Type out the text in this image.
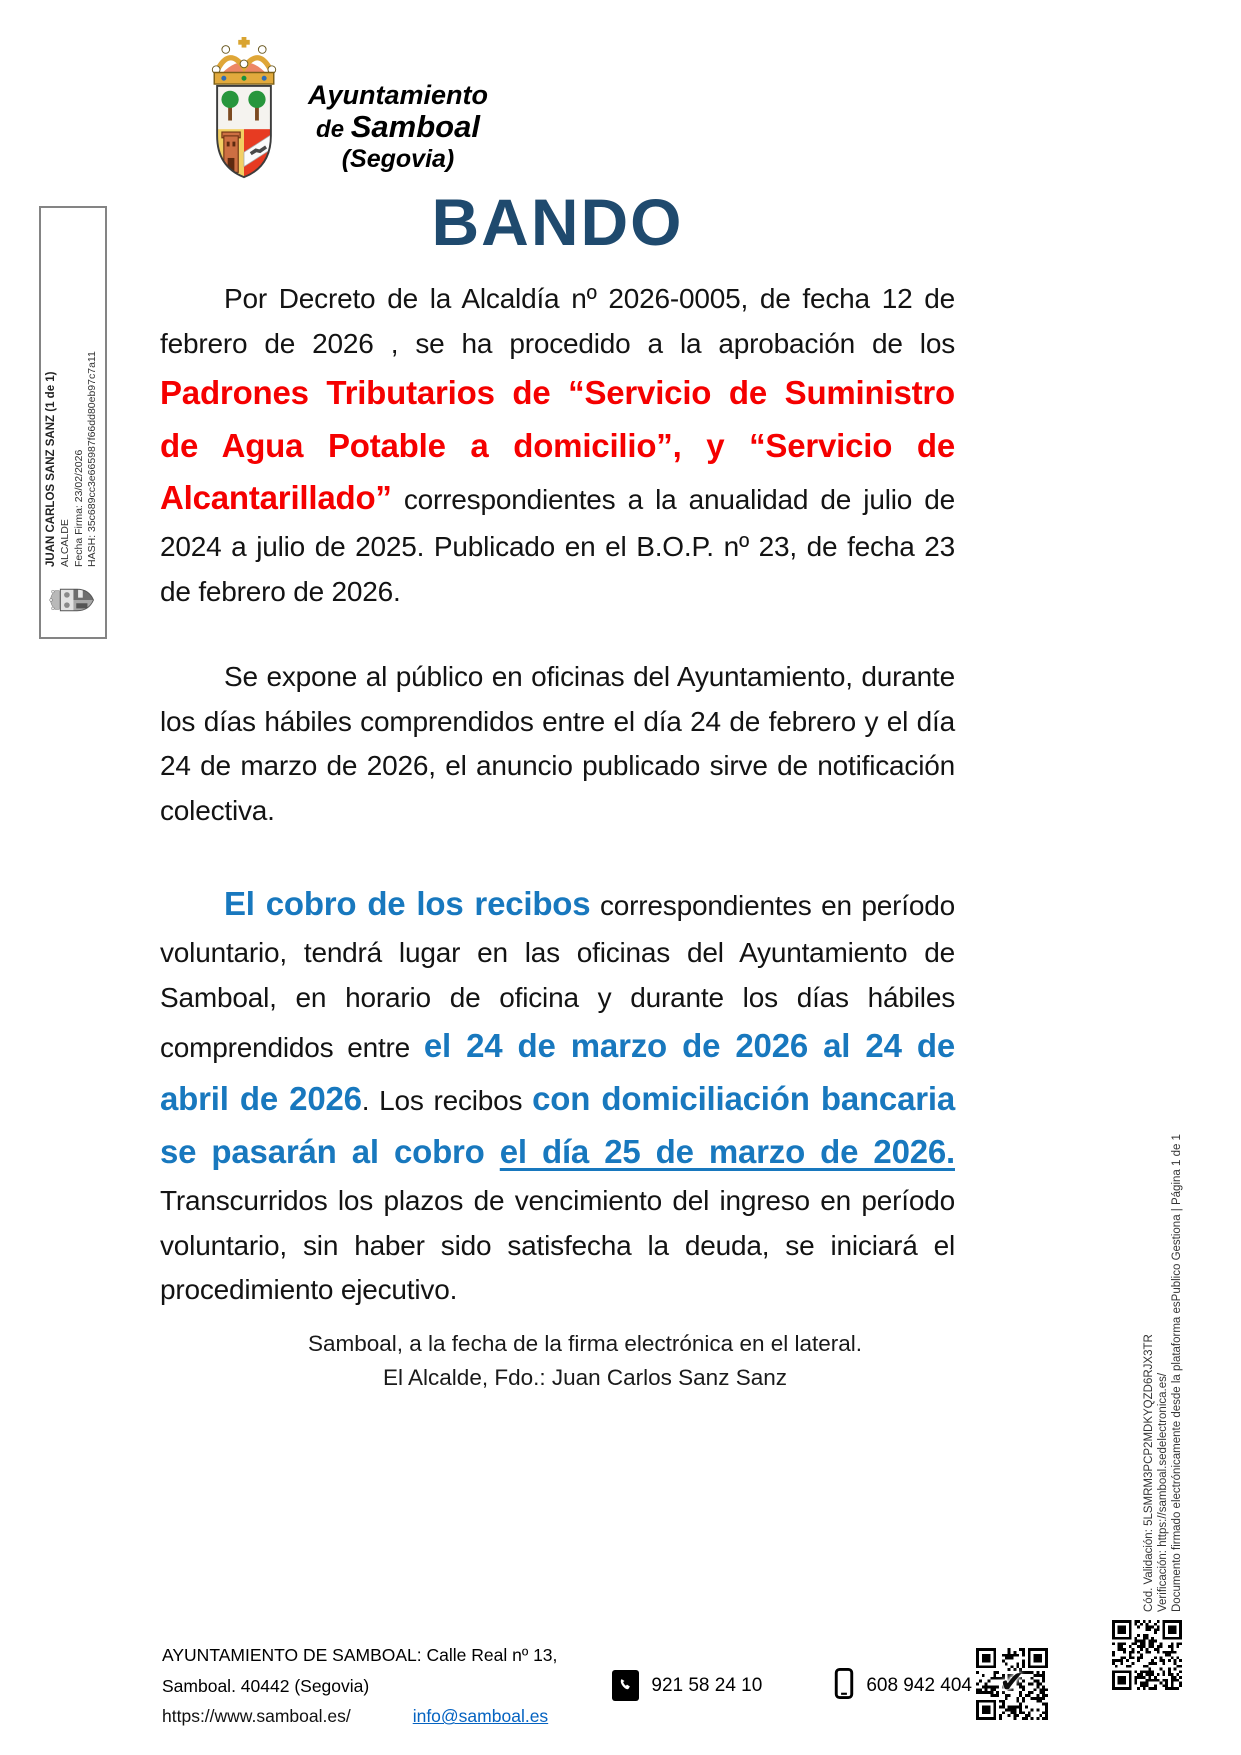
Ayuntamiento
de Samboal
(Segovia)
JUAN CARLOS SANZ SANZ (1 de 1) ALCALDE Fecha Firma: 23/02/2026 HASH: 35c689cc3e665987f66dd80eb97c7a11
BANDO

Por Decreto de la Alcaldía nº 2026-0005, de fecha 12 de febrero de 2026 , se ha procedido a la aprobación de los Padrones Tributarios de “Servicio de Suministro de Agua Potable a domicilio”, y “Servicio de Alcantarillado” correspondientes a la anualidad de julio de 2024 a julio de 2025. Publicado en el B.O.P. nº 23, de fecha 23 de febrero de 2026.

Se expone al público en oficinas del Ayuntamiento, durante los días hábiles comprendidos entre el día 24 de febrero y el día 24 de marzo de 2026, el anuncio publicado sirve de notificación colectiva.

El cobro de los recibos correspondientes en período voluntario, tendrá lugar en las oficinas del Ayuntamiento de Samboal, en horario de oficina y durante los días hábiles comprendidos entre el 24 de marzo de 2026 al 24 de abril de 2026. Los recibos con domiciliación bancaria se pasarán al cobro el día 25 de marzo de 2026. Transcurridos los plazos de vencimiento del ingreso en período voluntario, sin haber sido satisfecha la deuda, se iniciará el procedimiento ejecutivo.

Samboal, a la fecha de la firma electrónica en el lateral.
El Alcalde, Fdo.: Juan Carlos Sanz Sanz	Cód. Validación: 5LSMRM3PCP2MDKYQZD6RJX3TR Verificación: https://samboal.sedelectronica.es/ Documento firmado electrónicamente desde la plataforma esPublico Gestiona | Página 1 de 1
AYUNTAMIENTO DE SAMBOAL: Calle Real nº 13, Samboal. 40442 (Segovia)
https://www.samboal.es/	info@samboal.es
921 58 24 10	608 942 404 ✔
